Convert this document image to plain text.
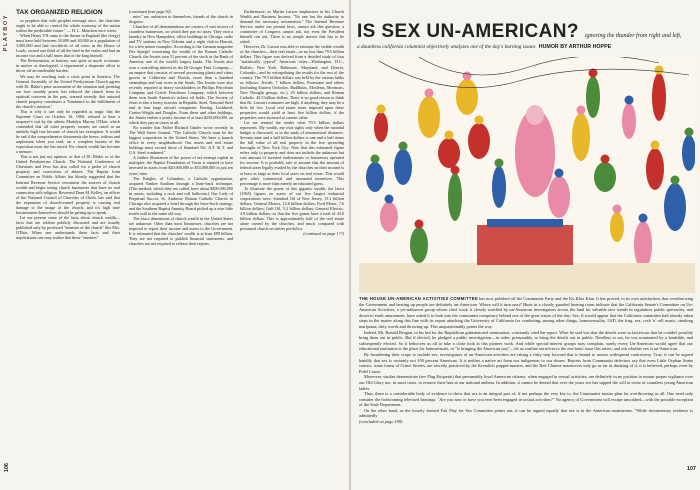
PLAYBOY
106

TAX ORGANIZED RELIGION

so prophets that with prophet message once, the churches ought to be able to control the whole economy of the nation within the predictable future." — H. L. Mencken once wrote.

When Henry VII came to the throne in England (the clergy) must have held between 30,000 and 40,000 in a population of 3,000,000 and had two-thirds of all votes in the House of Lords, owned one-third of all the land in the realm and had an income two and a half times that of the king himself.

The Reformation, at bottom, was quite as much economic in motive as theological; it represented a desperate effort to throw off an intolerable burden.

We may be reaching such a crisis point in America. The General Assembly of the United Presbyterian Church agrees with Dr. Blake's prior assessment of the situation and, pointing out how steadily power has reduced the church from its spiritual concerns in the past, warned recently that untaxed church property constitutes a "hindrance to the fulfillment of the church's mission."

This is why it can only be regarded as tragic that the Supreme Court on October 16, 1966, refused to hear a taxpayer's suit by the atheist Madalyn Murray O'Hair, which contended that all other property owners are taxed at an unfairly high rate because of church tax exemption. It would be sad if the comprehensive documents she brews, tedious and unpleasant when you read, on a complete bureau of the exposition most she has raised. For church wealth has become a menace.

This is not just my opinion, or that of Dr. Blake, or of the United Presbyterian Church. The National Conference of Christians and Jews has also called for a probe of church property and corrections of abuses. The Baptist Joint Committee on Public Affairs has bluntly suggested that the Internal Revenue Service reexamine the sources of church wealth and begin taxing church businesses that have no real connection with religion. Reverend Dean M. Kelley, an officer of the National Council of Churches of Christ, has said that the expansion of church-owned property is causing real damage to the image of the church, and it's high time businessmen themselves should be getting up to speak.

Let me present some of the facts about church wealth—facts that are seldom publicly discussed and are usually published only by professed "enemies of the church" like Mrs. O'Hair. When one understands these facts and their implications one may realize that these "enemies"

(continued from page 92)

mies" are, unknown to themselves, friends of the church in disguise.

Churches of all denominations are owners of vast sectors of countless businesses, on which they pay no taxes. They own a laundry in New Hampshire, office buildings in Chicago, radio and TV stations in New Orleans and a night club in Hawaii, for a few minor examples. According to the German magazine Der Spiegel concerning the wealth of the Roman Catholic Church, the Jesuits own 51 percent of the stock in the Bank of America, one of the world's largest banks. The Jesuits also own a controlling interest in the Di Giorgio Fruit Company—an empire that consists of several processing plants and citrus groves in California and Florida, more than a hundred steamships and vast acres in the South. The Jesuits were also recently reported as heavy stockholders in Phillips Petroleum Company and Creole Petroleum Company, which between them own South America's richest oil fields. The Society of Jesus is also a heavy investor in Republic Steel, National Steel and in four large aircraft companies: Boeing, Lockheed, Curtiss-Wright and Douglas. From these and other holdings, the Jesuits realize a yearly income of at least $250,000,000, on which they pay no taxes at all.

No wonder that Father Richard Ginder wrote recently in The Wall Street Journal, "The Catholic Church must be the biggest corporation in the United States. We have a branch office in every neighborhood. Our assets and real estate holdings must exceed those of Standard Oil, A.T. & T. and U.S. Steel combined."

A further illustration of the power of tax-exempt capital in multiples: the Baptist Foundation of Texas is reputed to have invested in assets from $20,000,000 to $33,000,000 in just ten years' time.

The Knights of Columbus, a Catholic organization, acquired Yankee Stadium through a lease-back technique. (This method, which they are called, have about $200,000,000 in assets, including a rock and roll ballroom.) Our Lady of Perpetual Succor, St. Ambrose Roman Catholic Church in Chicago also acquired a hotel through the lease-back strategy, and the Southern Baptist Annuity Board picked up a nice little textile mill in the same old way.

The exact dimensions of church wealth in the United States are unknown. Other than most businesses, churches are not required to report their income and assets to the Government. It is estimated that the churches' wealth is at least $80 billion. They are not required to publish financial statements, and churches are not required to release their reports.

Furthermore, as Martin Larson emphasizes in his Church Wealth and Business Income, "No one has the authority to demand the necessary information." The Internal Revenue Service, under our present laws, cannot ask this question; a committee of Congress cannot ask, not even the President himself can ask. There is no simple answer that has to be asked.

However, Dr. Larson was able to estimate the visible wealth of the churches—their real estate—in no less than 79.5 billion dollars. This figure was derived from a detailed study of four "statistically typical" American cities—Washington, D.C., Buffalo, New York, Baltimore, Maryland, and Denver, Colorado—and by extrapolating the results for the rest of the country. The 79.5 billion dollars was held by the various faiths as follows: Jewish, 7 billion dollars; Protestant and others (including Eastern Orthodox, Buddhists, Moslems, Mormons, New Thought groups, etc.), 29 billion dollars; and Roman Catholic, 43.5 billion dollars. There is no good reason to think that Dr. Larson's estimates are high; if anything, they may be a little bit low. Local real estate taxes imposed upon these properties would yield at least five billion dollars, if the properties were assessed at current value.

Let me remind the reader what 79.5 billion dollars represents. My wealth, my own sights only when the national budget is discussed, or in the study of astronomical distances. Seventy-nine and a half billion dollars is one and a half times the full value of all real property in the five sprawling boroughs of New York City. Note that this estimated figure refers only to property and does not include the unknown but vast amount of invested endowments or businesses operated for income. It is probably safe to assume that the amount of federal taxes legally evaded by the churches on their income is at least as large as their local taxes on real estate. This would give other commercial and unwanted incentives. This percentage is more than merely an educated guess.

To illustrate the power of this gigantic wealth, the latest (1965) figures on assets of our five largest industrial corporations were: Standard Oil of New Jersey, 13.1 billion dollars; General Motors, 12.6 billion dollars; Ford Motor, 7.6 billion dollars; Gulf Oil, 5.2 billion dollars; General Electric, 4.9 billion dollars; so that the five giants have a total of 43.6 billion dollars. This is approximately half of the real estate alone owned by the churches, and much compared with presumed church securities portfolios.

(continued on page 1??)

IS SEX UN-AMERICAN? ignoring the thunder from right and left,
a dauntless california columnist objectively analyzes one of the day's burning issues HUMOR BY ARTHUR HOPPE

THE HOUSE UN-AMERICAN ACTIVITIES COMMITTEE has now polished off the Communist Party and the Ku Klux Klan. It has proved, to its own satisfaction, that overthrowing the Government and heating up people are definitely un-American. Where will it turn next? Hints in a closely guarded hearing room indicate that the California Senate's Committee on Un-American Activities, a yet-unknown group whose chief work is closely watched by un-American investigators across the land for valuable new trends in regulation, public spectacles, and down-to-earth amusement, have asked it to look into the communist conspiracy behind one of the great issues of the day: Sex. It would appear that the California committee had already taken steps in the matter along this line with its report attacking the University of California for condoning, among other things, homosexuality, LSD, the frug, sex, rock 'n' roll music, smoking marijuana, dirty words and throwing up. This unquestionably points the way.

Indeed, Mr. Ronald Reagan, in his bid for the Republican gubernatorial nomination, constantly cited the report. What he said was that the details were so lascivious that he couldn't possibly bring them out in public. But if elected, he pledged a public investigation—in order, presumably, to bring the details out in public. Needless to say, he was nominated by a landslide, and subsequently elected. So it behooves us all to take a close look at this pioneer work. And while special-interest groups may complain, surely every Un-American would agree that our educational institution is the place for homosexuals, or "is bringing the American way"—let us confine ourselves to the one basic issue this raises, and ask whether sex is un-American.

By broadening their scope to include sex, investigators of un-American activities are taking a risky step forward that is bound to arouse widespread controversy. True, it can be argued handily that sex is certainly not 100 percent American. It is neither a native art form nor indigenous to our shores. Reports from Communist defectors say that even Little Orphan Annie comics, some forms of Crime Stories, are secretly practiced by the Kremlin's puppet-masters, and the Red Chinese maneuvers only go as far as thinking of it, it is believed, perhaps even by Fidel Castro.

Moreover, studies demonstrate (see Plug Etiquette) that presumably loyal American citizens, when engaged in sexual activities, are definitely in no position to mount proper vigilance over our Old Glory nor, in most cases, to remove their hats at our national anthem. In addition, it cannot be denied that over the years sex has sapped the will to resist of countless young American ladies.

Thus, there is a considerable body of evidence to show that sex is an integral part of, if not perhaps the very key to, the Communist master plan for overthrowing us all. One need only consider the forthcoming televised hearings: "Are you now or have you ever been engaged in sexual activities?" No agency of Government will escape unscathed—with the possible exception of the State Department.

On the other hand, as the loosely formed Fair Play for Sex Committee points out, it can be argued equally that sex is in the American mainstream. "While documentary evidence is admittedly

(concluded on page 199)

107
